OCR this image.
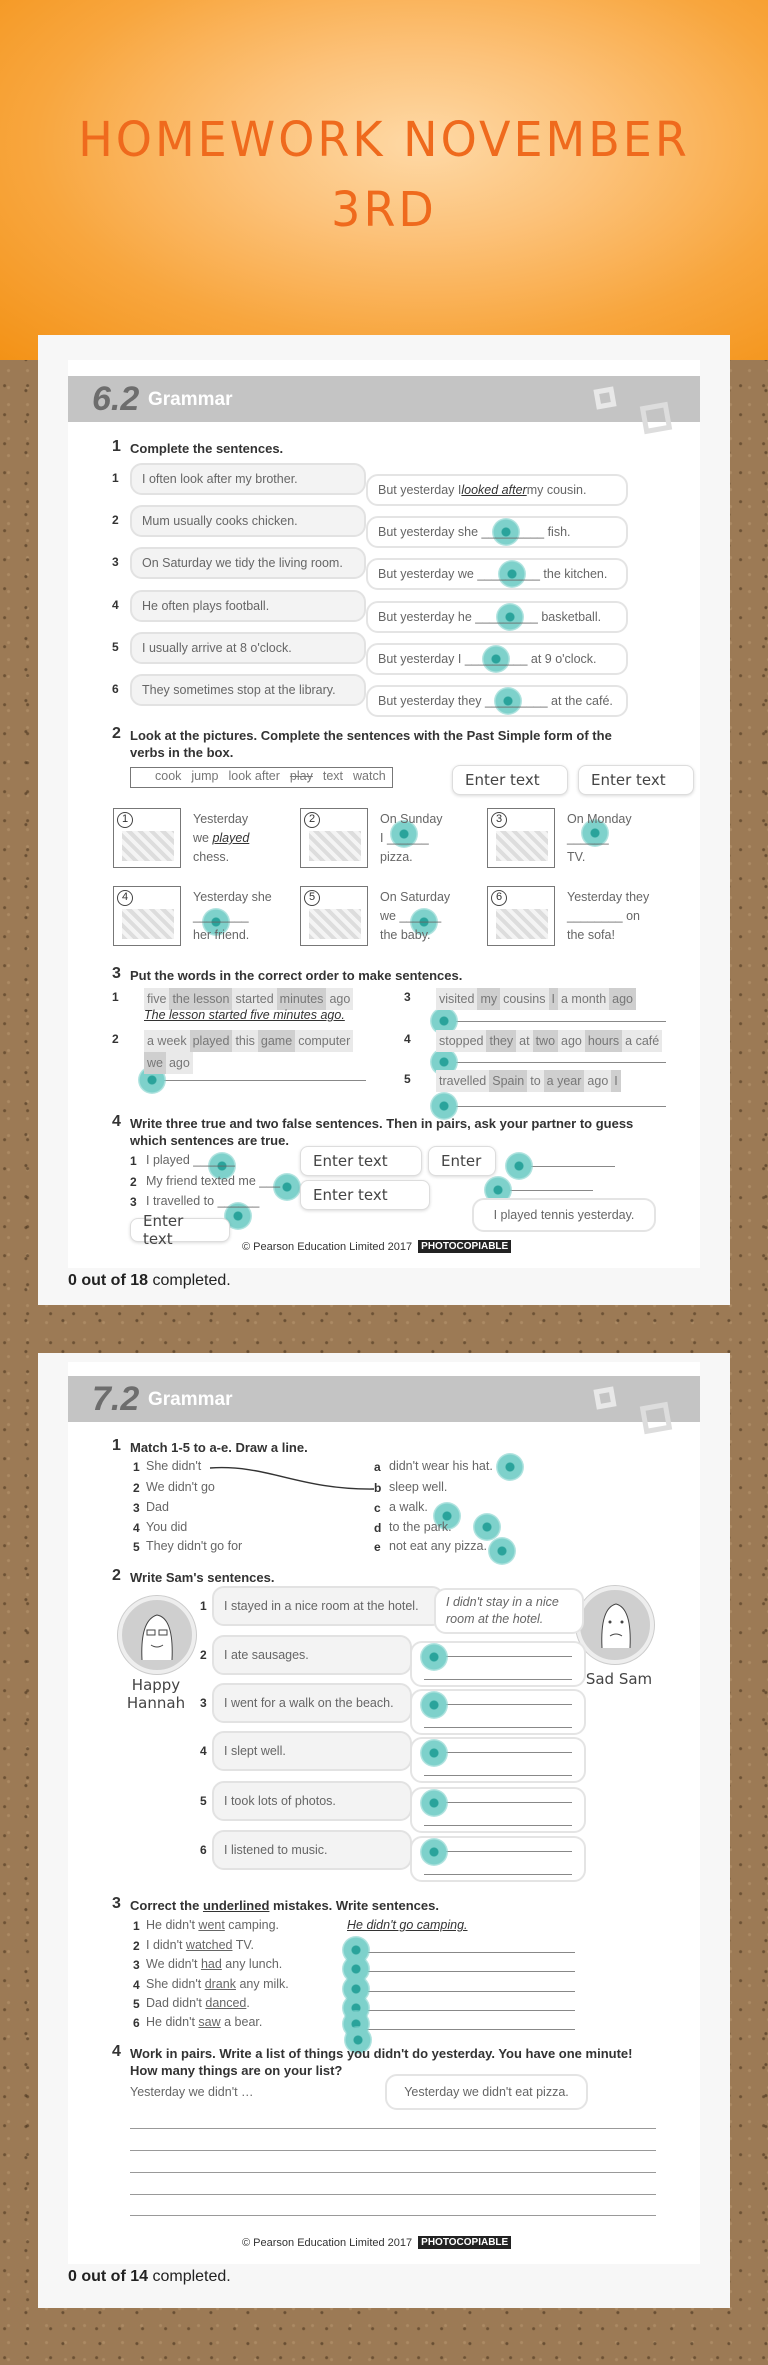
HOMEWORK NOVEMBER
3RD
6.2 Grammar
1 Complete the sentences.
2 Look at the pictures. Complete the sentences with the Past Simple form of the verbs in the box.
cook jump look after play text watch
3 Put the words in the correct order to make sentences.
4 Write three true and two false sentences. Then in pairs, ask your partner to guess
which sentences are true.
I played tennis yesterday.
© Pearson Education Limited 2017 PHOTOCOPIABLE
0 out of 18 completed.
7.2 Grammar
1 Match 1-5 to a-e. Draw a line.
2 Write Sam's sentences.
Happy Hannah
Sad Sam
3 Correct the underlined mistakes. Write sentences.
4 Work in pairs. Write a list of things you didn't do yesterday. You have one minute!
How many things are on your list?
Yesterday we didn't …	Yesterday we didn't eat pizza.
© Pearson Education Limited 2017 PHOTOCOPIABLE
0 out of 14 completed.
1	I often look after my brother.
But yesterday I looked after my cousin.
2	Mum usually cooks chicken.
But yesterday she ______ ___ fish.
3	On Saturday we tidy the living room.
But yesterday we ______ ___ the kitchen.
4	He often plays football.
But yesterday he ______ ___ basketball.
5	I usually arrive at 8 o'clock.
But yesterday I ______ ___ at 9 o'clock.
6	They sometimes stop at the library.
But yesterday they ______ ___ at the café.
1	Yesterday
we played
chess.
2	On Sunday
I ______
pizza.
3	On Monday
______
TV.
4	Yesterday she
________
her friend.
5	On Saturday
we ______
the baby.
6	Yesterday they
________ on
the sofa!
Enter text	Enter text
1 five the lesson started minutes ago
The lesson started five minutes ago.
2 a week played this game computerwe ago
3 visited my cousins I a month ago
4 stopped they at two ago hours a café
5 travelled Spain to a year ago I
1 I played ______
2 My friend texted me ___
3 I travelled to ______
Enter text	Enter
Enter text
Enter text
1 She didn't	a didn't wear his hat.
2 We didn't go	b sleep well.
3 Dad	c a walk.
4 You did	d to the park.
5 They didn't go for	e not eat any pizza.
1	I stayed in a nice room at the hotel.	I didn't stay in a nice room at the hotel.
2	I ate sausages.
3	I went for a walk on the beach.
4	I slept well.
5	I took lots of photos.
6	I listened to music.
1 He didn't went camping.	He didn't go camping.
2 I didn't watched TV.
3 We didn't had any lunch.
4 She didn't drank any milk.
5 Dad didn't danced.
6 He didn't saw a bear.
